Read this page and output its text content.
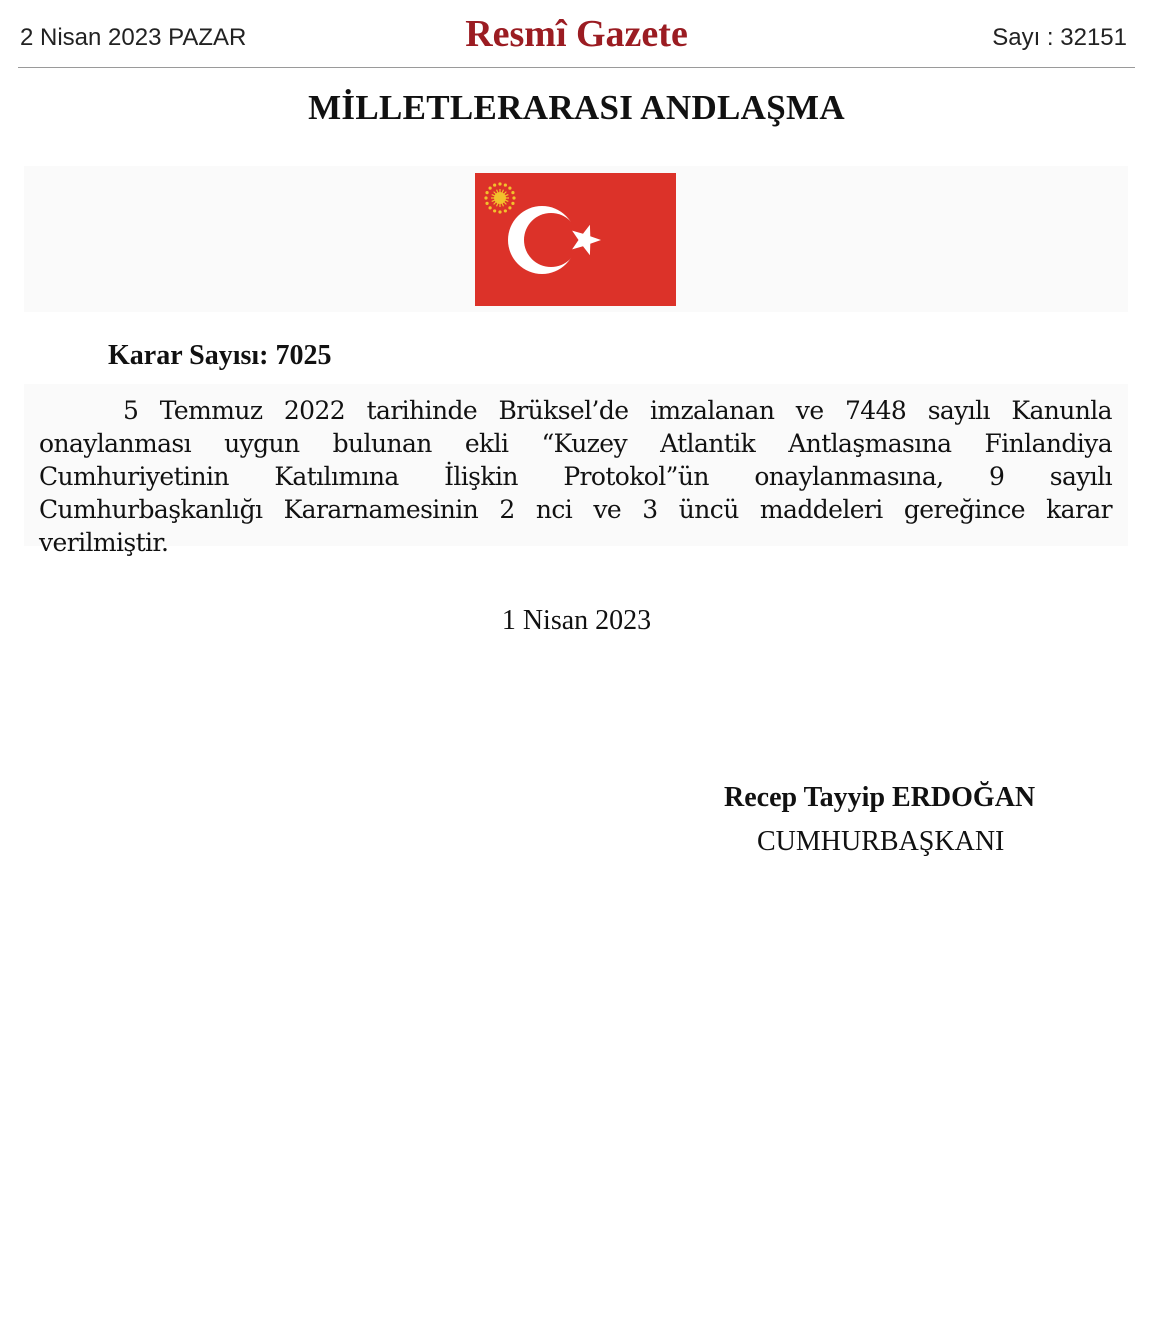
2 Nisan 2023 PAZAR	Resmî Gazete	Sayı : 32151
MİLLETLERARASI ANDLAŞMA
Karar Sayısı: 7025
5 Temmuz 2022 tarihinde Brüksel’de imzalanan ve 7448 sayılı Kanunla onaylanması uygun bulunan ekli “Kuzey Atlantik Antlaşmasına Finlandiya Cumhuriyetinin Katılımına İlişkin Protokol”ün onaylanmasına, 9 sayılı Cumhurbaşkanlığı Kararnamesinin 2 nci ve 3 üncü maddeleri gereğince karar verilmiştir.
1 Nisan 2023
Recep Tayyip ERDOĞAN
CUMHURBAŞKANI
